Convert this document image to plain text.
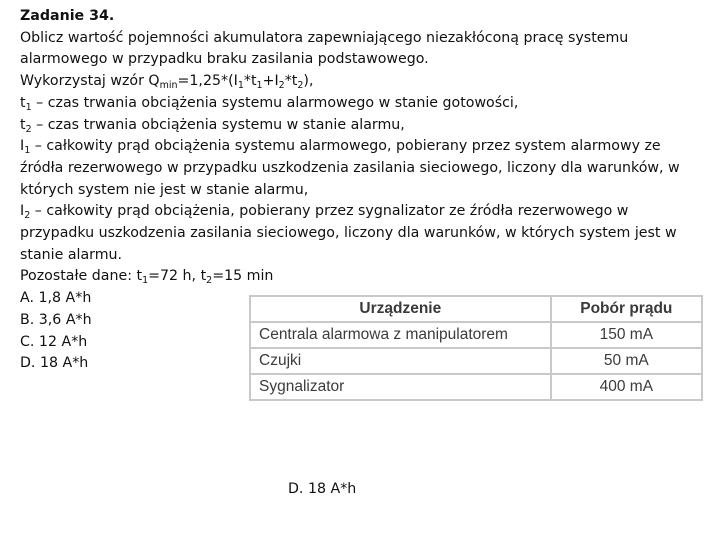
Zadanie 34.
Oblicz wartość pojemności akumulatora zapewniającego niezakłóconą pracę systemu
alarmowego w przypadku braku zasilania podstawowego.
Wykorzystaj wzór $Q_{min}=1,25*(I_1*t_1+I_2*t_2)$,
$t_1$ – czas trwania obciążenia systemu alarmowego w stanie gotowości,
$t_2$ – czas trwania obciążenia systemu w stanie alarmu,
$I_1$ – całkowity prąd obciążenia systemu alarmowego, pobierany przez system alarmowy ze
źródła rezerwowego w przypadku uszkodzenia zasilania sieciowego, liczony dla warunków, w
których system nie jest w stanie alarmu,
$I_2$ – całkowity prąd obciążenia, pobierany przez sygnalizator ze źródła rezerwowego w
przypadku uszkodzenia zasilania sieciowego, liczony dla warunków, w których system jest w
stanie alarmu.
Pozostałe dane: $t_1=72$ h, $t_2=15$ min
A. 1,8 A*h
B. 3,6 A*h
C. 12 A*h
D. 18 A*h
Urządzenie	Pobór prądu
Centrala alarmowa z manipulatorem	150 mA
Czujki	50 mA
Sygnalizator	400 mA
D. 18 A*h
